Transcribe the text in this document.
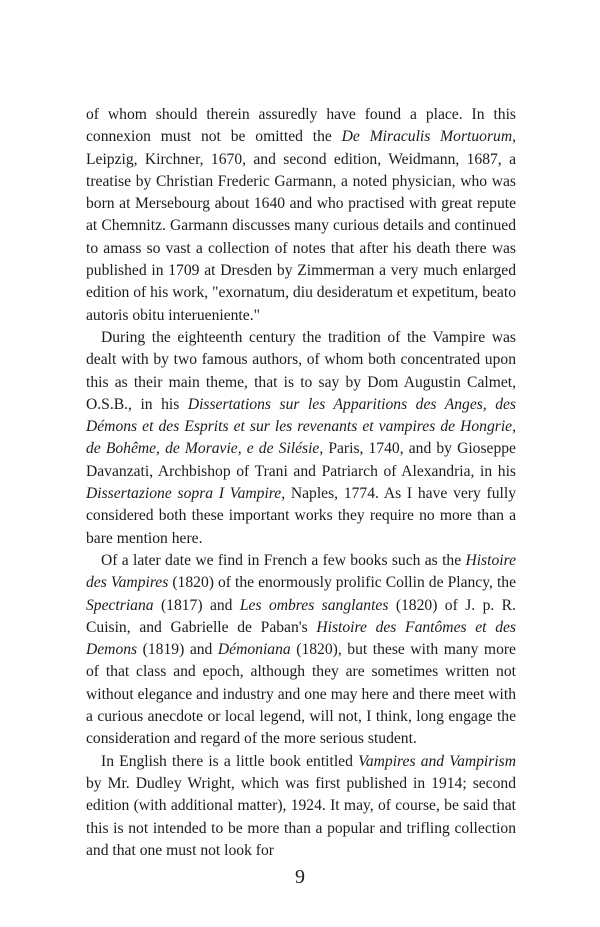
of whom should therein assuredly have found a place. In this connexion must not be omitted the De Miraculis Mortuorum, Leipzig, Kirchner, 1670, and second edition, Weidmann, 1687, a treatise by Christian Frederic Garmann, a noted physician, who was born at Mersebourg about 1640 and who practised with great repute at Chemnitz. Garmann discusses many curious details and continued to amass so vast a collection of notes that after his death there was published in 1709 at Dresden by Zimmerman a very much enlarged edition of his work, "exornatum, diu desideratum et expetitum, beato autoris obitu interueniente."

During the eighteenth century the tradition of the Vampire was dealt with by two famous authors, of whom both concentrated upon this as their main theme, that is to say by Dom Augustin Calmet, O.S.B., in his Dissertations sur les Apparitions des Anges, des Démons et des Esprits et sur les revenants et vampires de Hongrie, de Bohême, de Moravie, e de Silésie, Paris, 1740, and by Gioseppe Davanzati, Archbishop of Trani and Patriarch of Alexandria, in his Dissertazione sopra I Vampire, Naples, 1774. As I have very fully considered both these important works they require no more than a bare mention here.

Of a later date we find in French a few books such as the Histoire des Vampires (1820) of the enormously prolific Collin de Plancy, the Spectriana (1817) and Les ombres sanglantes (1820) of J. p. R. Cuisin, and Gabrielle de Paban's Histoire des Fantômes et des Demons (1819) and Démoniana (1820), but these with many more of that class and epoch, although they are sometimes written not without elegance and industry and one may here and there meet with a curious anecdote or local legend, will not, I think, long engage the consideration and regard of the more serious student.

In English there is a little book entitled Vampires and Vampirism by Mr. Dudley Wright, which was first published in 1914; second edition (with additional matter), 1924. It may, of course, be said that this is not intended to be more than a popular and trifling collection and that one must not look for

9
